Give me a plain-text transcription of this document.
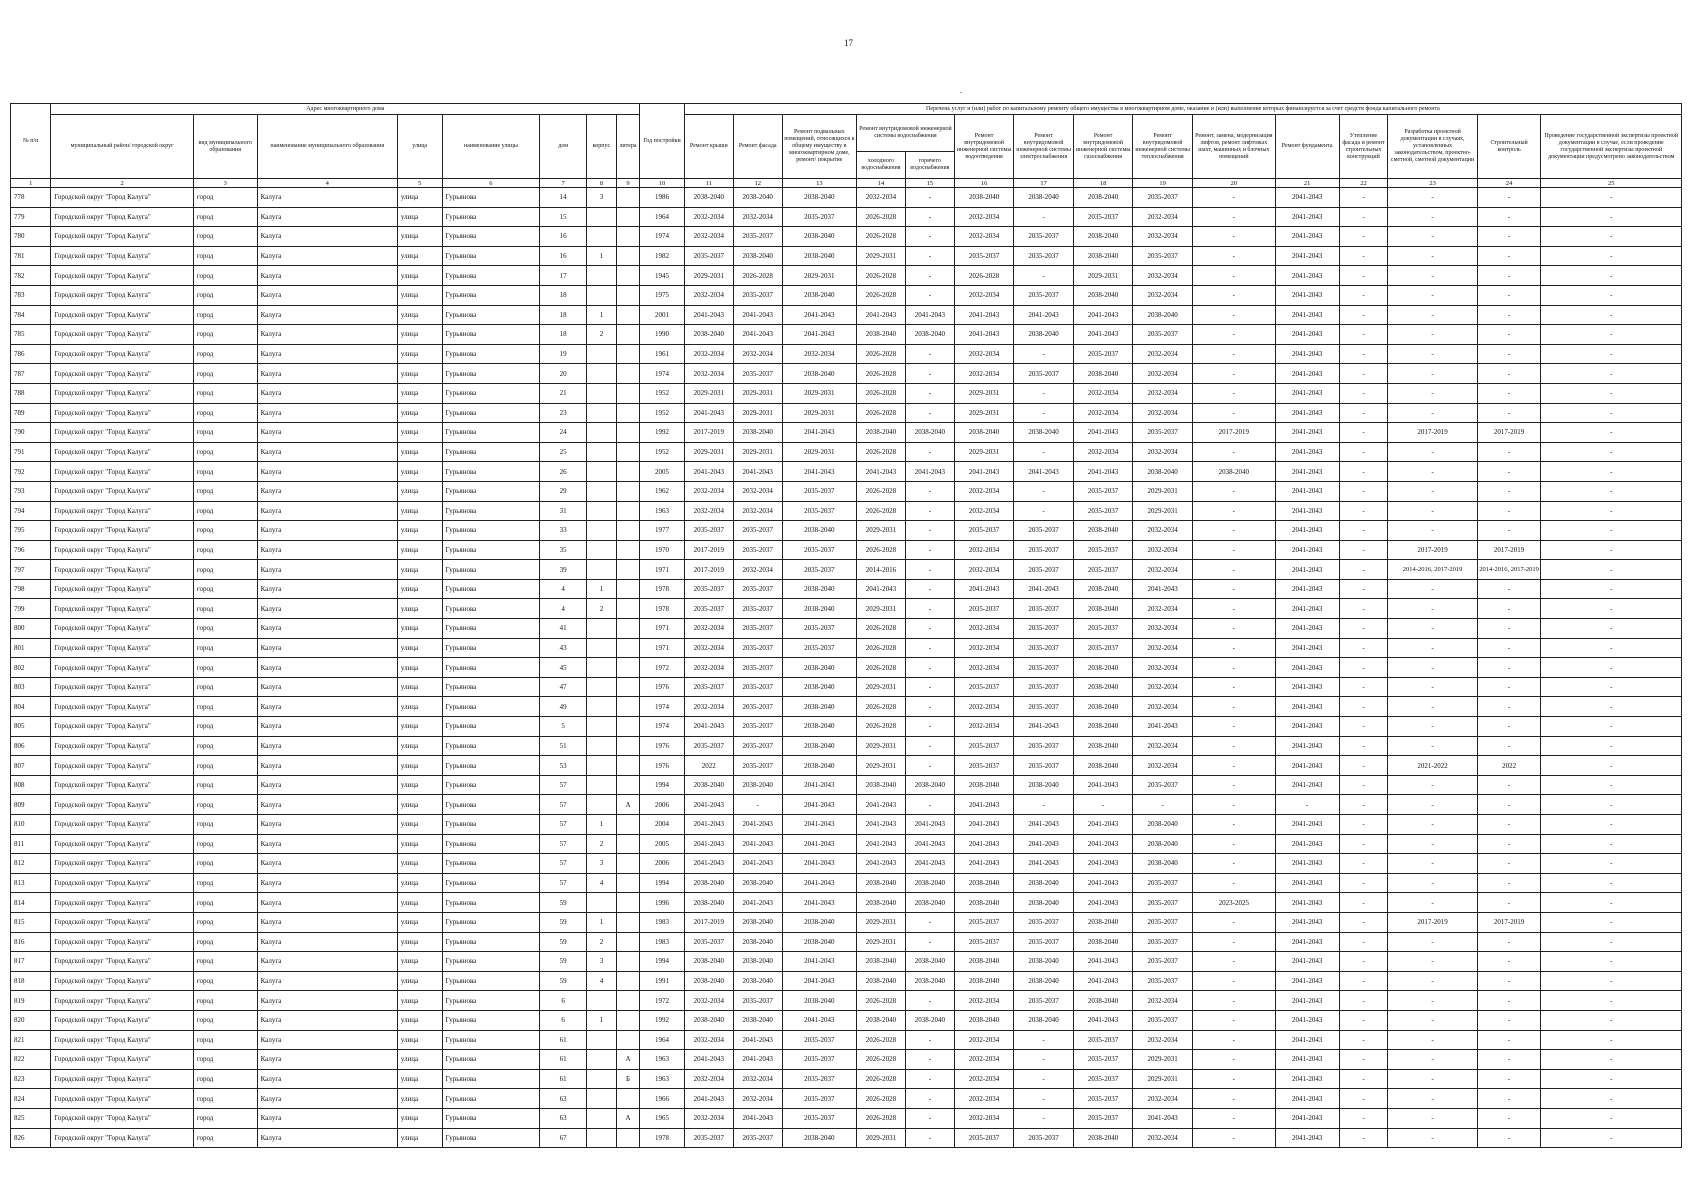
17
.
№ п/п	Адрес многоквартирного дома								Год постройки	Перечень услуг и (или) работ по капитальному ремонту общего имущества в многоквартирном доме, оказание и (или) выполнение которых финансируется за счет средств фонда капитального ремонта														
	муниципальный район/ городской округ	вид муниципального образования	наименование муниципального образования	улица	наименование улицы	дом	корпус	литера		Ремонт крыши	Ремонт фасада	Ремонт подвальных помещений, относящихся к общему имуществу в многоквартирном доме, ремонт/ покрытие	Ремонт внутридомовой инженерной системы водоснабжения		Ремонт внутридомовой инженерной системы водоотведения	Ремонт внутридомовой инженерной системы электроснабжения	Ремонт внутридомовой инженерной системы газоснабжения	Ремонт внутридомовой инженерной системы теплоснабжения	Ремонт, замена, модернизация лифтов, ремонт лифтовых шахт, машинных и блочных помещений	Ремонт фундамента	Утепление фасада и ремонт строительных конструкций	Разработка проектной документации в случаях, установленных законодательством, проектно-сметной, сметной документации	Строительный контроль	Проведение государственной экспертизы проектной документации в случае, если проведение государственной экспертизы проектной документации предусмотрено законодательством
													холодного водоснабжения	горячего водоснабжения										
1	2	3	4	5	6	7	8	9	10	11	12	13	14	15	16	17	18	19	20	21	22	23	24	25
778	Городской округ "Город Калуга"	город	Калуга	улица	Гурьянова	14	3		1986	2038-2040	2038-2040	2038-2040	2032-2034	-	2038-2040	2038-2040	2038-2040	2035-2037	-	2041-2043	-	-	-	-
779	Городской округ "Город Калуга"	город	Калуга	улица	Гурьянова	15			1964	2032-2034	2032-2034	2035-2037	2026-2028	-	2032-2034	-	2035-2037	2032-2034	-	2041-2043	-	-	-	-
780	Городской округ "Город Калуга"	город	Калуга	улица	Гурьянова	16			1974	2032-2034	2035-2037	2038-2040	2026-2028	-	2032-2034	2035-2037	2038-2040	2032-2034	-	2041-2043	-	-	-	-
781	Городской округ "Город Калуга"	город	Калуга	улица	Гурьянова	16	1		1982	2035-2037	2038-2040	2038-2040	2029-2031	-	2035-2037	2035-2037	2038-2040	2035-2037	-	2041-2043	-	-	-	-
782	Городской округ "Город Калуга"	город	Калуга	улица	Гурьянова	17			1945	2029-2031	2026-2028	2029-2031	2026-2028	-	2026-2028	-	2029-2031	2032-2034	-	2041-2043	-	-	-	-
783	Городской округ "Город Калуга"	город	Калуга	улица	Гурьянова	18			1975	2032-2034	2035-2037	2038-2040	2026-2028	-	2032-2034	2035-2037	2038-2040	2032-2034	-	2041-2043	-	-	-	-
784	Городской округ "Город Калуга"	город	Калуга	улица	Гурьянова	18	1		2001	2041-2043	2041-2043	2041-2043	2041-2043	2041-2043	2041-2043	2041-2043	2041-2043	2038-2040	-	2041-2043	-	-	-	-
785	Городской округ "Город Калуга"	город	Калуга	улица	Гурьянова	18	2		1990	2038-2040	2041-2043	2041-2043	2038-2040	2038-2040	2041-2043	2038-2040	2041-2043	2035-2037	-	2041-2043	-	-	-	-
786	Городской округ "Город Калуга"	город	Калуга	улица	Гурьянова	19			1961	2032-2034	2032-2034	2032-2034	2026-2028	-	2032-2034	-	2035-2037	2032-2034	-	2041-2043	-	-	-	-
787	Городской округ "Город Калуга"	город	Калуга	улица	Гурьянова	20			1974	2032-2034	2035-2037	2038-2040	2026-2028	-	2032-2034	2035-2037	2038-2040	2032-2034	-	2041-2043	-	-	-	-
788	Городской округ "Город Калуга"	город	Калуга	улица	Гурьянова	21			1952	2029-2031	2029-2031	2029-2031	2026-2028	-	2029-2031	-	2032-2034	2032-2034	-	2041-2043	-	-	-	-
789	Городской округ "Город Калуга"	город	Калуга	улица	Гурьянова	23			1952	2041-2043	2029-2031	2029-2031	2026-2028	-	2029-2031	-	2032-2034	2032-2034	-	2041-2043	-	-	-	-
790	Городской округ "Город Калуга"	город	Калуга	улица	Гурьянова	24			1992	2017-2019	2038-2040	2041-2043	2038-2040	2038-2040	2038-2040	2038-2040	2041-2043	2035-2037	2017-2019	2041-2043	-	2017-2019	2017-2019	-
791	Городской округ "Город Калуга"	город	Калуга	улица	Гурьянова	25			1952	2029-2031	2029-2031	2029-2031	2026-2028	-	2029-2031	-	2032-2034	2032-2034	-	2041-2043	-	-	-	-
792	Городской округ "Город Калуга"	город	Калуга	улица	Гурьянова	26			2005	2041-2043	2041-2043	2041-2043	2041-2043	2041-2043	2041-2043	2041-2043	2041-2043	2038-2040	2038-2040	2041-2043	-	-	-	-
793	Городской округ "Город Калуга"	город	Калуга	улица	Гурьянова	29			1962	2032-2034	2032-2034	2035-2037	2026-2028	-	2032-2034	-	2035-2037	2029-2031	-	2041-2043	-	-	-	-
794	Городской округ "Город Калуга"	город	Калуга	улица	Гурьянова	31			1963	2032-2034	2032-2034	2035-2037	2026-2028	-	2032-2034	-	2035-2037	2029-2031	-	2041-2043	-	-	-	-
795	Городской округ "Город Калуга"	город	Калуга	улица	Гурьянова	33			1977	2035-2037	2035-2037	2038-2040	2029-2031	-	2035-2037	2035-2037	2038-2040	2032-2034	-	2041-2043	-	-	-	-
796	Городской округ "Город Калуга"	город	Калуга	улица	Гурьянова	35			1970	2017-2019	2035-2037	2035-2037	2026-2028	-	2032-2034	2035-2037	2035-2037	2032-2034	-	2041-2043	-	2017-2019	2017-2019	-
797	Городской округ "Город Калуга"	город	Калуга	улица	Гурьянова	39			1971	2017-2019	2032-2034	2035-2037	2014-2016	-	2032-2034	2035-2037	2035-2037	2032-2034	-	2041-2043	-	2014-2016, 2017-2019	2014-2016, 2017-2019	-
798	Городской округ "Город Калуга"	город	Калуга	улица	Гурьянова	4	1		1978	2035-2037	2035-2037	2038-2040	2041-2043	-	2041-2043	2041-2043	2038-2040	2041-2043	-	2041-2043	-	-	-	-
799	Городской округ "Город Калуга"	город	Калуга	улица	Гурьянова	4	2		1978	2035-2037	2035-2037	2038-2040	2029-2031	-	2035-2037	2035-2037	2038-2040	2032-2034	-	2041-2043	-	-	-	-
800	Городской округ "Город Калуга"	город	Калуга	улица	Гурьянова	41			1971	2032-2034	2035-2037	2035-2037	2026-2028	-	2032-2034	2035-2037	2035-2037	2032-2034	-	2041-2043	-	-	-	-
801	Городской округ "Город Калуга"	город	Калуга	улица	Гурьянова	43			1971	2032-2034	2035-2037	2035-2037	2026-2028	-	2032-2034	2035-2037	2035-2037	2032-2034	-	2041-2043	-	-	-	-
802	Городской округ "Город Калуга"	город	Калуга	улица	Гурьянова	45			1972	2032-2034	2035-2037	2038-2040	2026-2028	-	2032-2034	2035-2037	2038-2040	2032-2034	-	2041-2043	-	-	-	-
803	Городской округ "Город Калуга"	город	Калуга	улица	Гурьянова	47			1976	2035-2037	2035-2037	2038-2040	2029-2031	-	2035-2037	2035-2037	2038-2040	2032-2034	-	2041-2043	-	-	-	-
804	Городской округ "Город Калуга"	город	Калуга	улица	Гурьянова	49			1974	2032-2034	2035-2037	2038-2040	2026-2028	-	2032-2034	2035-2037	2038-2040	2032-2034	-	2041-2043	-	-	-	-
805	Городской округ "Город Калуга"	город	Калуга	улица	Гурьянова	5			1974	2041-2043	2035-2037	2038-2040	2026-2028	-	2032-2034	2041-2043	2038-2040	2041-2043	-	2041-2043	-	-	-	-
806	Городской округ "Город Калуга"	город	Калуга	улица	Гурьянова	51			1976	2035-2037	2035-2037	2038-2040	2029-2031	-	2035-2037	2035-2037	2038-2040	2032-2034	-	2041-2043	-	-	-	-
807	Городской округ "Город Калуга"	город	Калуга	улица	Гурьянова	53			1976	2022	2035-2037	2038-2040	2029-2031	-	2035-2037	2035-2037	2038-2040	2032-2034	-	2041-2043	-	2021-2022	2022	-
808	Городской округ "Город Калуга"	город	Калуга	улица	Гурьянова	57			1994	2038-2040	2038-2040	2041-2043	2038-2040	2038-2040	2038-2040	2038-2040	2041-2043	2035-2037	-	2041-2043	-	-	-	-
809	Городской округ "Город Калуга"	город	Калуга	улица	Гурьянова	57		А	2006	2041-2043	-	2041-2043	2041-2043	-	2041-2043	-	-	-	-	-	-	-	-	-
810	Городской округ "Город Калуга"	город	Калуга	улица	Гурьянова	57	1		2004	2041-2043	2041-2043	2041-2043	2041-2043	2041-2043	2041-2043	2041-2043	2041-2043	2038-2040	-	2041-2043	-	-	-	-
811	Городской округ "Город Калуга"	город	Калуга	улица	Гурьянова	57	2		2005	2041-2043	2041-2043	2041-2043	2041-2043	2041-2043	2041-2043	2041-2043	2041-2043	2038-2040	-	2041-2043	-	-	-	-
812	Городской округ "Город Калуга"	город	Калуга	улица	Гурьянова	57	3		2006	2041-2043	2041-2043	2041-2043	2041-2043	2041-2043	2041-2043	2041-2043	2041-2043	2038-2040	-	2041-2043	-	-	-	-
813	Городской округ "Город Калуга"	город	Калуга	улица	Гурьянова	57	4		1994	2038-2040	2038-2040	2041-2043	2038-2040	2038-2040	2038-2040	2038-2040	2041-2043	2035-2037	-	2041-2043	-	-	-	-
814	Городской округ "Город Калуга"	город	Калуга	улица	Гурьянова	59			1996	2038-2040	2041-2043	2041-2043	2038-2040	2038-2040	2038-2040	2038-2040	2041-2043	2035-2037	2023-2025	2041-2043	-	-	-	-
815	Городской округ "Город Калуга"	город	Калуга	улица	Гурьянова	59	1		1983	2017-2019	2038-2040	2038-2040	2029-2031	-	2035-2037	2035-2037	2038-2040	2035-2037	-	2041-2043	-	2017-2019	2017-2019	-
816	Городской округ "Город Калуга"	город	Калуга	улица	Гурьянова	59	2		1983	2035-2037	2038-2040	2038-2040	2029-2031	-	2035-2037	2035-2037	2038-2040	2035-2037	-	2041-2043	-	-	-	-
817	Городской округ "Город Калуга"	город	Калуга	улица	Гурьянова	59	3		1994	2038-2040	2038-2040	2041-2043	2038-2040	2038-2040	2038-2040	2038-2040	2041-2043	2035-2037	-	2041-2043	-	-	-	-
818	Городской округ "Город Калуга"	город	Калуга	улица	Гурьянова	59	4		1991	2038-2040	2038-2040	2041-2043	2038-2040	2038-2040	2038-2040	2038-2040	2041-2043	2035-2037	-	2041-2043	-	-	-	-
819	Городской округ "Город Калуга"	город	Калуга	улица	Гурьянова	6			1972	2032-2034	2035-2037	2038-2040	2026-2028	-	2032-2034	2035-2037	2038-2040	2032-2034	-	2041-2043	-	-	-	-
820	Городской округ "Город Калуга"	город	Калуга	улица	Гурьянова	6	1		1992	2038-2040	2038-2040	2041-2043	2038-2040	2038-2040	2038-2040	2038-2040	2041-2043	2035-2037	-	2041-2043	-	-	-	-
821	Городской округ "Город Калуга"	город	Калуга	улица	Гурьянова	61			1964	2032-2034	2041-2043	2035-2037	2026-2028	-	2032-2034	-	2035-2037	2032-2034	-	2041-2043	-	-	-	-
822	Городской округ "Город Калуга"	город	Калуга	улица	Гурьянова	61		А	1963	2041-2043	2041-2043	2035-2037	2026-2028	-	2032-2034	-	2035-2037	2029-2031	-	2041-2043	-	-	-	-
823	Городской округ "Город Калуга"	город	Калуга	улица	Гурьянова	61		Б	1963	2032-2034	2032-2034	2035-2037	2026-2028	-	2032-2034	-	2035-2037	2029-2031	-	2041-2043	-	-	-	-
824	Городской округ "Город Калуга"	город	Калуга	улица	Гурьянова	63			1966	2041-2043	2032-2034	2035-2037	2026-2028	-	2032-2034	-	2035-2037	2032-2034	-	2041-2043	-	-	-	-
825	Городской округ "Город Калуга"	город	Калуга	улица	Гурьянова	63		А	1965	2032-2034	2041-2043	2035-2037	2026-2028	-	2032-2034	-	2035-2037	2041-2043	-	2041-2043	-	-	-	-
826	Городской округ "Город Калуга"	город	Калуга	улица	Гурьянова	67			1978	2035-2037	2035-2037	2038-2040	2029-2031	-	2035-2037	2035-2037	2038-2040	2032-2034	-	2041-2043	-	-	-	-
